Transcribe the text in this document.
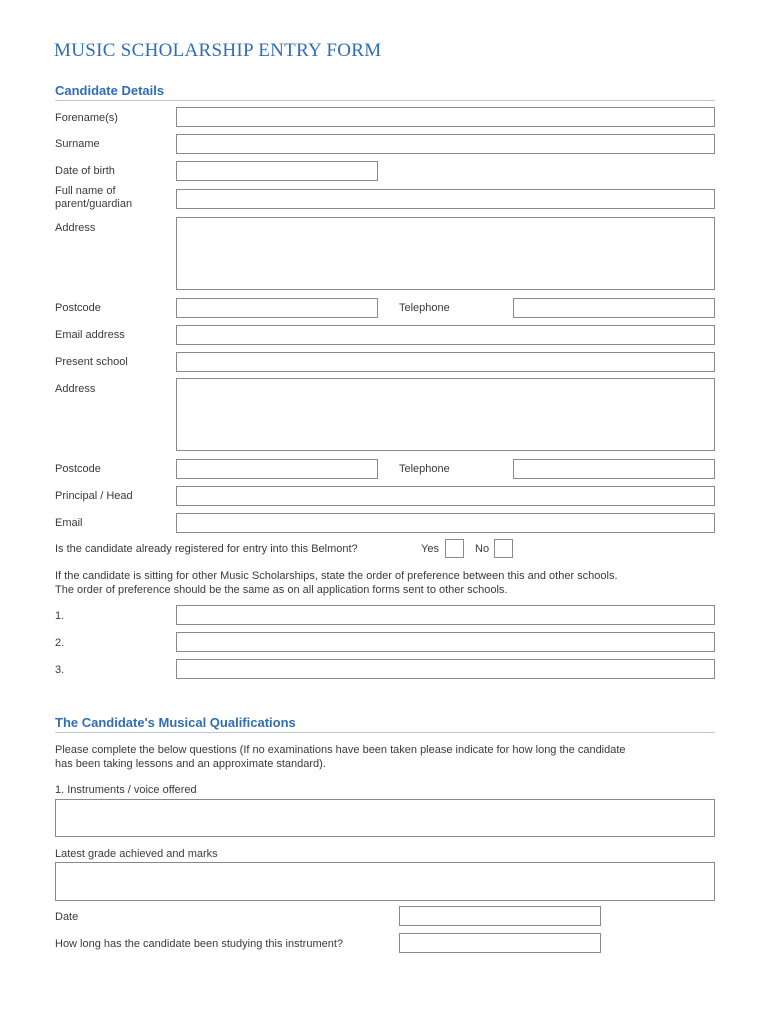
MUSIC SCHOLARSHIP ENTRY FORM
Candidate Details
Forename(s)
Surname
Date of birth
Full name of
parent/guardian
Address
Postcode	Telephone
Email address
Present school
Address
Postcode	Telephone
Principal / Head
Email
Is the candidate already registered for entry into this Belmont?	Yes	No
If the candidate is sitting for other Music Scholarships, state the order of preference between this and other schools.
The order of preference should be the same as on all application forms sent to other schools.
1.
2.
3.
The Candidate's Musical Qualifications
Please complete the below questions (If no examinations have been taken please indicate for how long the candidate
has been taking lessons and an approximate standard).
1. Instruments / voice offered
Latest grade achieved and marks
Date
How long has the candidate been studying this instrument?
